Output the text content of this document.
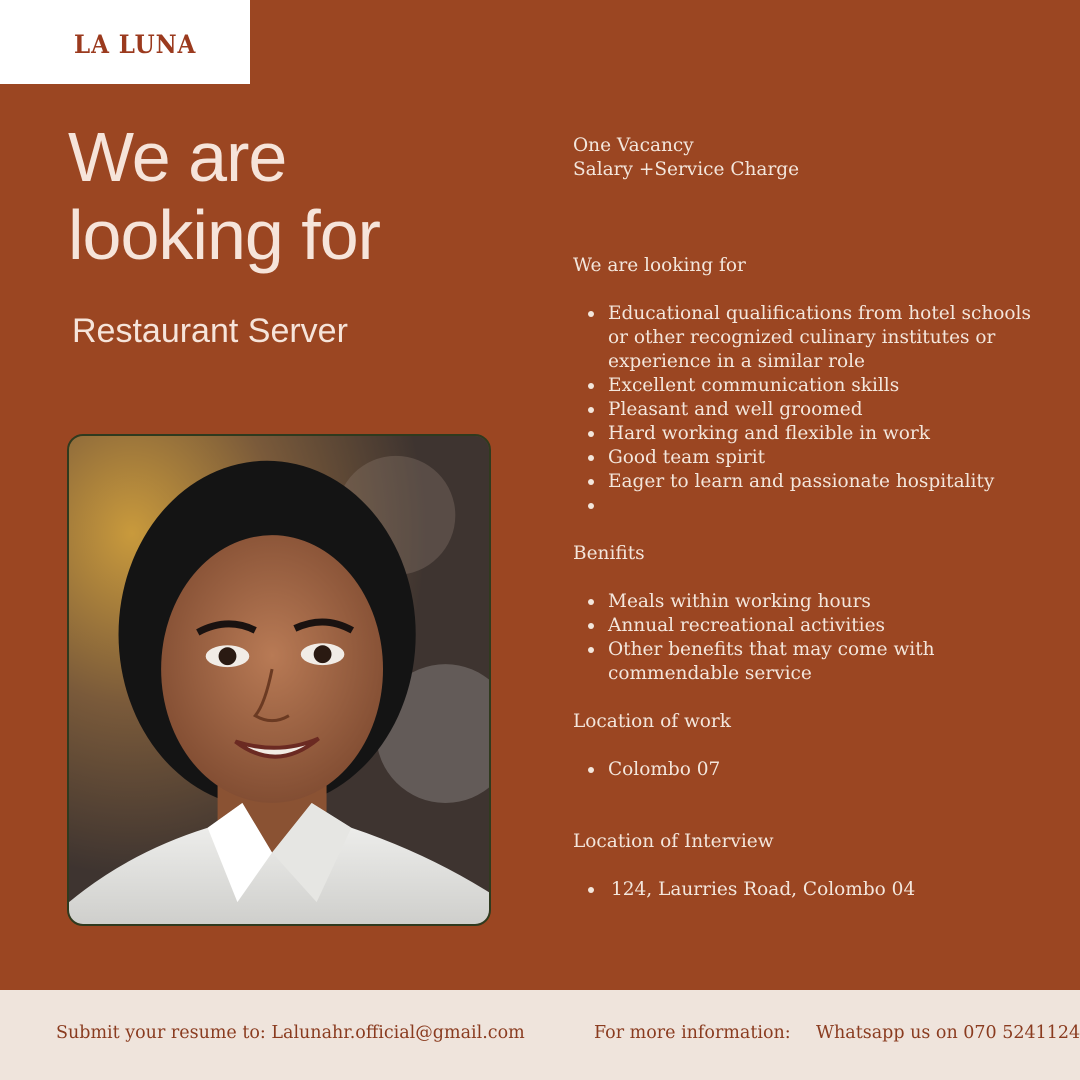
LA LUNA
We are
looking for
Restaurant Server
One Vacancy
Salary +Service Charge
We are looking for
Educational qualifications from hotel schools or other recognized culinary institutes or experience in a similar role
Excellent communication skills
Pleasant and well groomed
Hard working and flexible in work
Good team spirit
Eager to learn and passionate hospitality
Benifits
Meals within working hours
Annual recreational activities
Other benefits that may come with commendable service
Location of work
Colombo 07
Location of Interview
124, Laurries Road, Colombo 04
Submit your resume to: Lalunahr.official@gmail.com	For more information: Whatsapp us on 070 5241124
